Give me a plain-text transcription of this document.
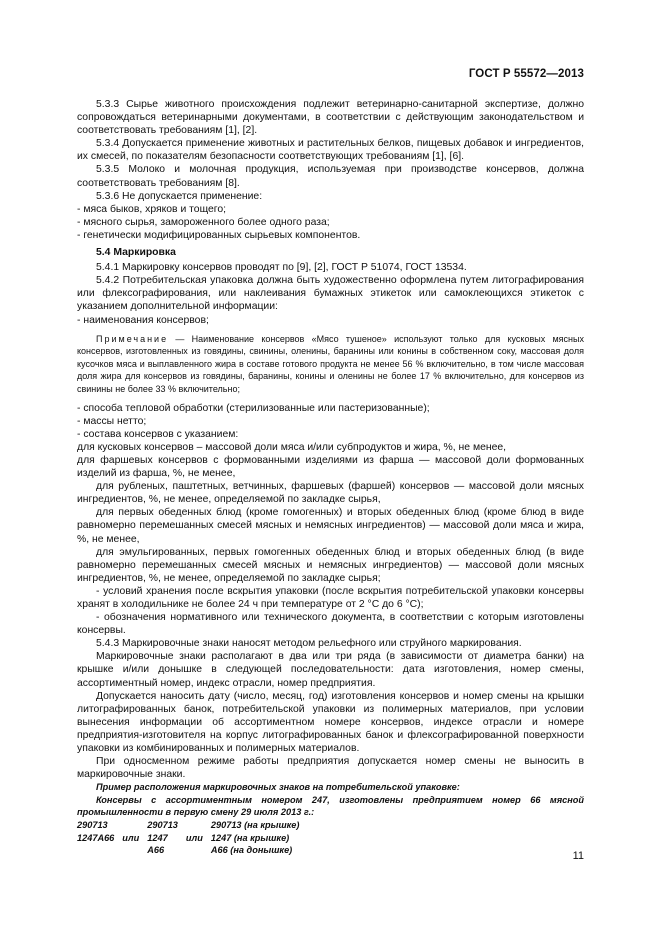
ГОСТ Р 55572—2013

5.3.3 Сырье животного происхождения подлежит ветеринарно-санитарной экспертизе, должно сопровождаться ветеринарными документами, в соответствии с действующим законодательством и соответствовать требованиям [1], [2].

5.3.4 Допускается применение животных и растительных белков, пищевых добавок и ингредиентов, их смесей, по показателям безопасности соответствующих требованиям [1], [6].

5.3.5 Молоко и молочная продукция, используемая при производстве консервов, должна соответствовать требованиям [8].

5.3.6 Не допускается применение:

- мяса быков, хряков и тощего;

- мясного сырья, замороженного более одного раза;

- генетически модифицированных сырьевых компонентов.

5.4 Маркировка

5.4.1 Маркировку консервов проводят по [9], [2], ГОСТ Р 51074, ГОСТ 13534.

5.4.2 Потребительская упаковка должна быть художественно оформлена путем литографирования или флексографирования, или наклеивания бумажных этикеток или самоклеющихся этикеток с указанием дополнительной информации:

- наименования консервов;

Примечание — Наименование консервов «Мясо тушеное» используют только для кусковых мясных консервов, изготовленных из говядины, свинины, оленины, баранины или конины в собственном соку, массовая доля кусочков мяса и выплавленного жира в составе готового продукта не менее 56 % включительно, в том числе массовая доля жира для консервов из говядины, баранины, конины и оленины не более 17 % включительно, для консервов из свинины не более 33 % включительно;

- способа тепловой обработки (стерилизованные или пастеризованные);

- массы нетто;

- состава консервов с указанием:

для кусковых консервов – массовой доли мяса и/или субпродуктов и жира, %, не менее,

для фаршевых консервов с формованными изделиями из фарша — массовой доли формованных изделий из фарша, %, не менее,

для рубленых, паштетных, ветчинных, фаршевых (фаршей) консервов — массовой доли мясных ингредиентов, %, не менее, определяемой по закладке сырья,

для первых обеденных блюд (кроме гомогенных) и вторых обеденных блюд (кроме блюд в виде равномерно перемешанных смесей мясных и немясных ингредиентов) — массовой доли мяса и жира, %, не менее,

для эмульгированных, первых гомогенных обеденных блюд и вторых обеденных блюд (в виде равномерно перемешанных смесей мясных и немясных ингредиентов) — массовой доли мясных ингредиентов, %, не менее, определяемой по закладке сырья;

- условий хранения после вскрытия упаковки (после вскрытия потребительской упаковки консервы хранят в холодильнике не более 24 ч при температуре от 2 °С до 6 °С);

- обозначения нормативного или технического документа, в соответствии с которым изготовлены консервы.

5.4.3 Маркировочные знаки наносят методом рельефного или струйного маркирования.

Маркировочные знаки располагают в два или три ряда (в зависимости от диаметра банки) на крышке и/или донышке в следующей последовательности: дата изготовления, номер смены, ассортиментный номер, индекс отрасли, номер предприятия.

Допускается наносить дату (число, месяц, год) изготовления консервов и номер смены на крышки литографированных банок, потребительской упаковки из полимерных материалов, при условии вынесения информации об ассортиментном номере консервов, индексе отрасли и номере предприятия-изготовителя на корпус литографированных банок и флексографированной поверхности упаковки из комбинированных и полимерных материалов.

При односменном режиме работы предприятия допускается номер смены не выносить в маркировочные знаки.

Пример расположения маркировочных знаков на потребительской упаковке:

Консервы с ассортиментным номером 247, изготовлены предприятием номер 66 мясной промышленности в первую смену 29 июля 2013 г.:

290713		290713		290713 (на крышке)
1247А66	или	1247	или	1247 (на крышке)
		А66		А66 (на донышке)	11
